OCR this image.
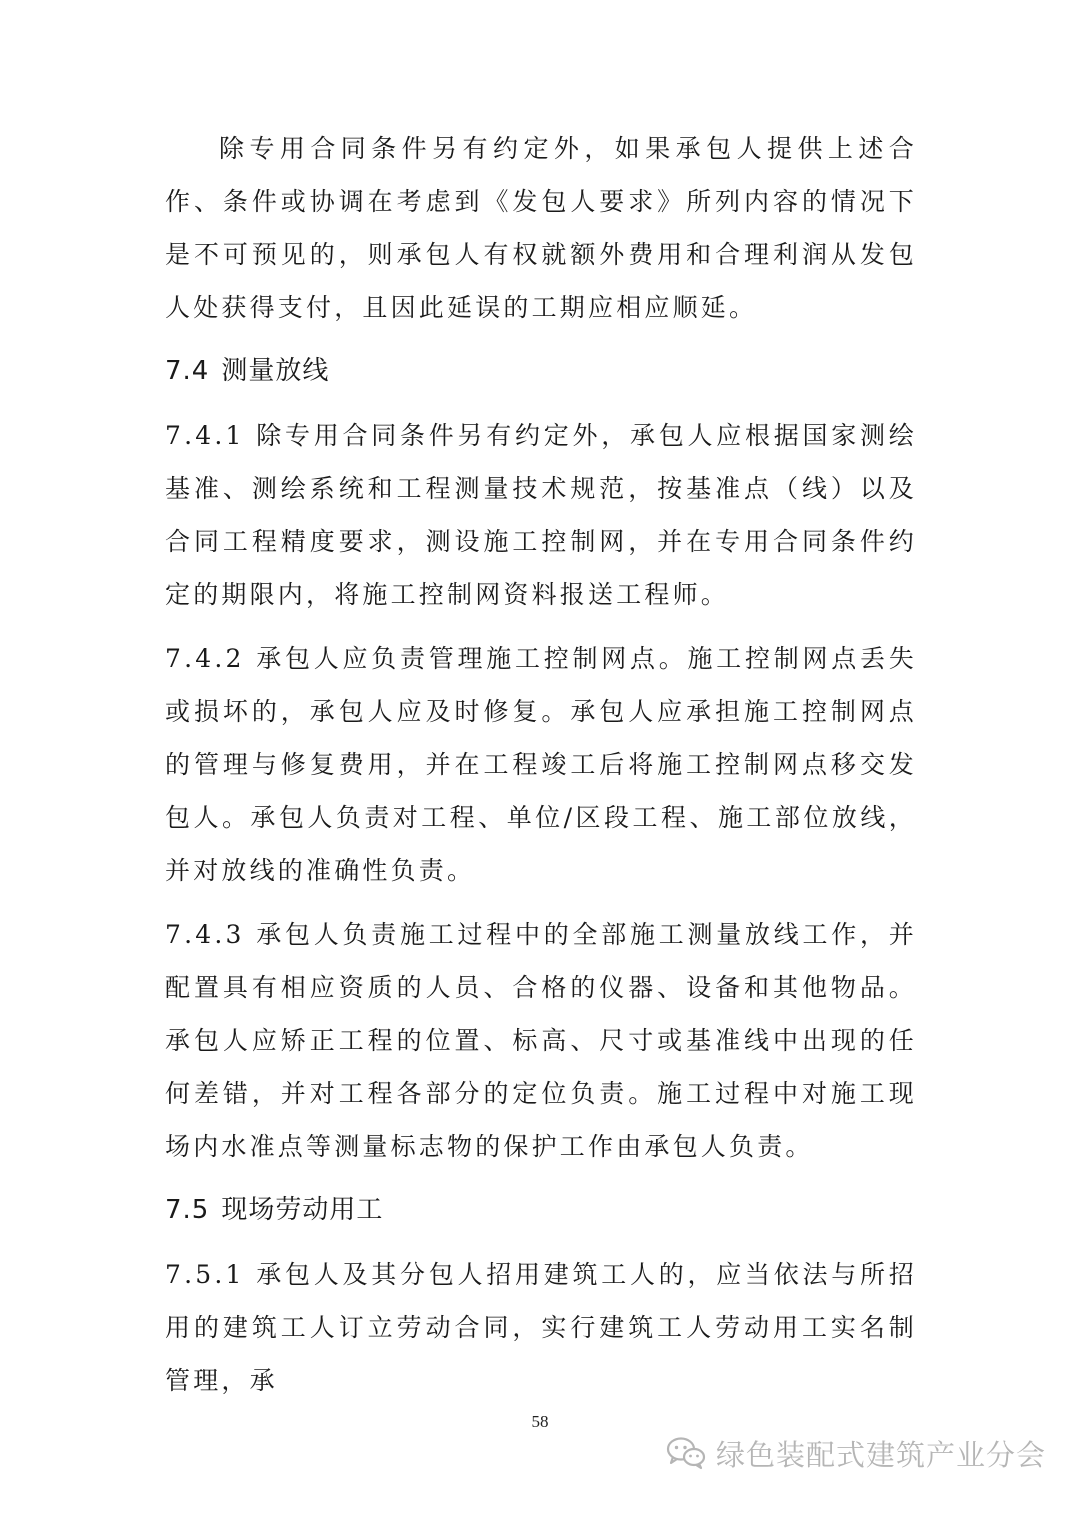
除专用合同条件另有约定外，如果承包人提供上述合作、条件或协调在考虑到《发包人要求》所列内容的情况下是不可预见的，则承包人有权就额外费用和合理利润从发包人处获得支付，且因此延误的工期应相应顺延。

7.4 测量放线

7.4.1 除专用合同条件另有约定外，承包人应根据国家测绘基准、测绘系统和工程测量技术规范，按基准点（线）以及合同工程精度要求，测设施工控制网，并在专用合同条件约定的期限内，将施工控制网资料报送工程师。

7.4.2 承包人应负责管理施工控制网点。施工控制网点丢失或损坏的，承包人应及时修复。承包人应承担施工控制网点的管理与修复费用，并在工程竣工后将施工控制网点移交发包人。承包人负责对工程、单位/区段工程、施工部位放线，并对放线的准确性负责。

7.4.3 承包人负责施工过程中的全部施工测量放线工作，并配置具有相应资质的人员、合格的仪器、设备和其他物品。承包人应矫正工程的位置、标高、尺寸或基准线中出现的任何差错，并对工程各部分的定位负责。施工过程中对施工现场内水准点等测量标志物的保护工作由承包人负责。

7.5 现场劳动用工

7.5.1 承包人及其分包人招用建筑工人的，应当依法与所招用的建筑工人订立劳动合同，实行建筑工人劳动用工实名制管理，承

58
绿色装配式建筑产业分会
